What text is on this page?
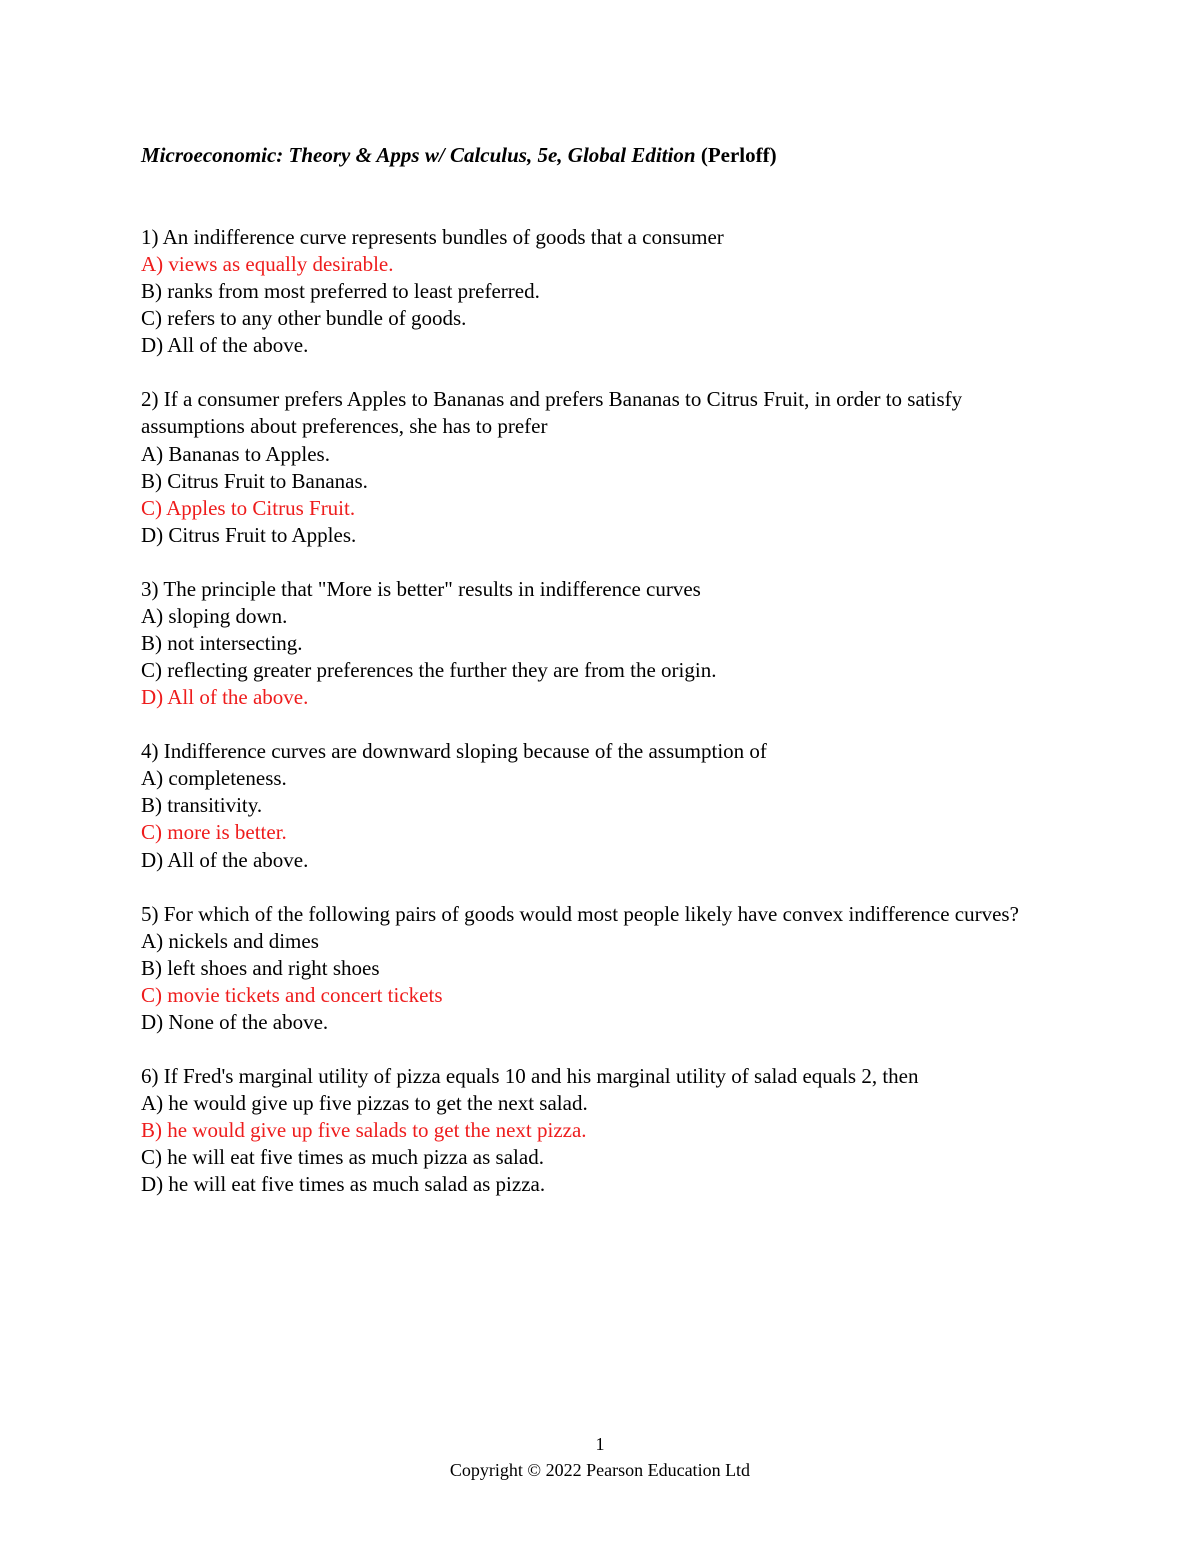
Microeconomic: Theory & Apps w/ Calculus, 5e, Global Edition (Perloff)
1) An indifference curve represents bundles of goods that a consumer
A) views as equally desirable.
B) ranks from most preferred to least preferred.
C) refers to any other bundle of goods.
D) All of the above.
2) If a consumer prefers Apples to Bananas and prefers Bananas to Citrus Fruit, in order to satisfy assumptions about preferences, she has to prefer
A) Bananas to Apples.
B) Citrus Fruit to Bananas.
C) Apples to Citrus Fruit.
D) Citrus Fruit to Apples.
3) The principle that "More is better" results in indifference curves
A) sloping down.
B) not intersecting.
C) reflecting greater preferences the further they are from the origin.
D) All of the above.
4) Indifference curves are downward sloping because of the assumption of
A) completeness.
B) transitivity.
C) more is better.
D) All of the above.
5) For which of the following pairs of goods would most people likely have convex indifference curves?
A) nickels and dimes
B) left shoes and right shoes
C) movie tickets and concert tickets
D) None of the above.
6) If Fred's marginal utility of pizza equals 10 and his marginal utility of salad equals 2, then
A) he would give up five pizzas to get the next salad.
B) he would give up five salads to get the next pizza.
C) he will eat five times as much pizza as salad.
D) he will eat five times as much salad as pizza.
1
Copyright © 2022 Pearson Education Ltd
